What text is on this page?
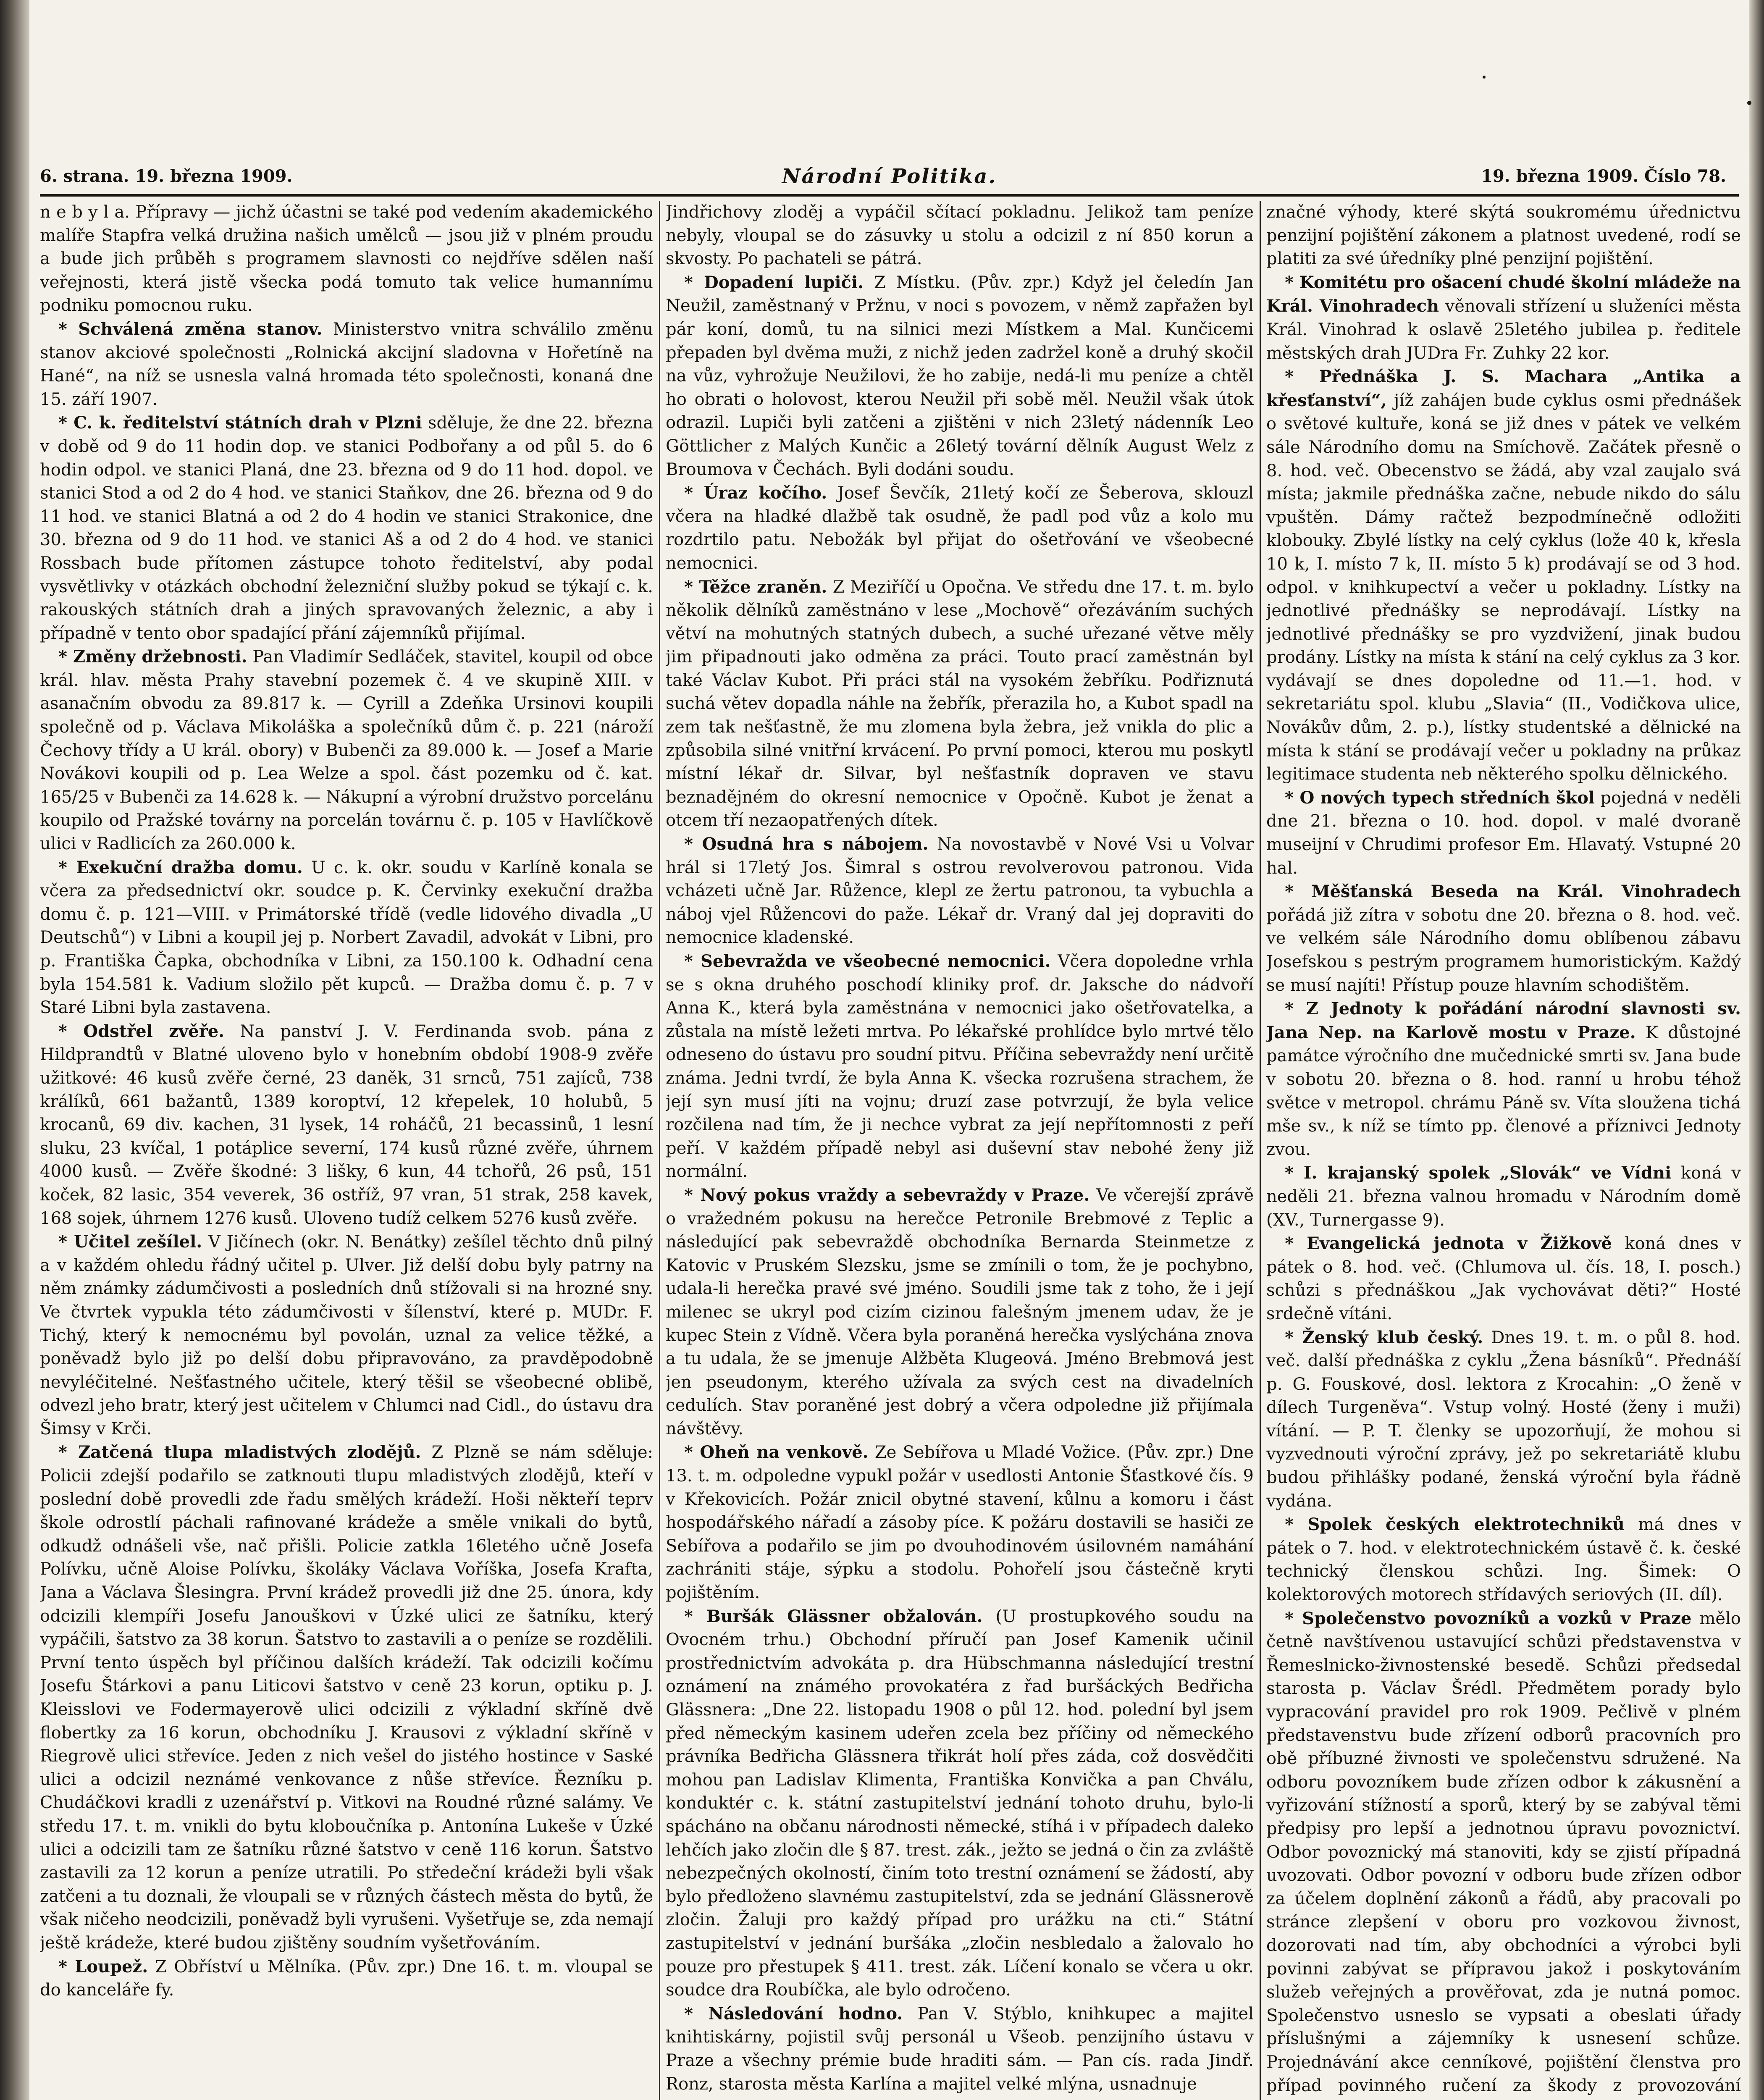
6. strana. 19. března 1909.	Národní Politika.	19. března 1909. Číslo 78.

n e b y l a. Přípravy — jichž účastni se také pod vedením akademického malíře Stapfra velká družina našich umělců — jsou již v plném proudu a bude jich průběh s programem slavnosti co nejdříve sdělen naší veřejnosti, která jistě všecka podá tomuto tak velice humannímu podniku pomocnou ruku.

* Schválená změna stanov. Ministerstvo vnitra schválilo změnu stanov akciové společnosti „Rolnická akcijní sladovna v Hořetíně na Hané“, na níž se usnesla valná hromada této společnosti, konaná dne 15. září 1907.

* C. k. ředitelství státních drah v Plzni sděluje, že dne 22. března v době od 9 do 11 hodin dop. ve stanici Podbořany a od půl 5. do 6 hodin odpol. ve stanici Planá, dne 23. března od 9 do 11 hod. dopol. ve stanici Stod a od 2 do 4 hod. ve stanici Staňkov, dne 26. března od 9 do 11 hod. ve stanici Blatná a od 2 do 4 hodin ve stanici Strakonice, dne 30. března od 9 do 11 hod. ve stanici Aš a od 2 do 4 hod. ve stanici Rossbach bude přítomen zástupce tohoto ředitelství, aby podal vysvětlivky v otázkách obchodní železniční služby pokud se týkají c. k. rakouských státních drah a jiných spravovaných železnic, a aby i případně v tento obor spadající přání zájemníků přijímal.

* Změny držebnosti. Pan Vladimír Sedláček, stavitel, koupil od obce král. hlav. města Prahy stavební pozemek č. 4 ve skupině XIII. v asanačním obvodu za 89.817 k. — Cyrill a Zdeňka Ursinovi koupili společně od p. Václava Mikoláška a společníků dům č. p. 221 (nároží Čechovy třídy a U král. obory) v Bubenči za 89.000 k. — Josef a Marie Novákovi koupili od p. Lea Welze a spol. část pozemku od č. kat. 165/25 v Bubenči za 14.628 k. — Nákupní a výrobní družstvo porcelánu koupilo od Pražské továrny na porcelán továrnu č. p. 105 v Havlíčkově ulici v Radlicích za 260.000 k.

* Exekuční dražba domu. U c. k. okr. soudu v Karlíně konala se včera za předsednictví okr. soudce p. K. Červinky exekuční dražba domu č. p. 121—VIII. v Primátorské třídě (vedle lidového divadla „U Deutschů“) v Libni a koupil jej p. Norbert Zavadil, advokát v Libni, pro p. Františka Čapka, obchodníka v Libni, za 150.100 k. Odhadní cena byla 154.581 k. Vadium složilo pět kupců. — Dražba domu č. p. 7 v Staré Libni byla zastavena.

* Odstřel zvěře. Na panství J. V. Ferdinanda svob. pána z Hildprandtů v Blatné uloveno bylo v honebním období 1908-9 zvěře užitkové: 46 kusů zvěře černé, 23 daněk, 31 srnců, 751 zajíců, 738 králíků, 661 bažantů, 1389 koroptví, 12 křepelek, 10 holubů, 5 krocanů, 69 div. kachen, 31 lysek, 14 roháčů, 21 becassinů, 1 lesní sluku, 23 kvíčal, 1 potáplice severní, 174 kusů různé zvěře, úhrnem 4000 kusů. — Zvěře škodné: 3 lišky, 6 kun, 44 tchořů, 26 psů, 151 koček, 82 lasic, 354 veverek, 36 ostříž, 97 vran, 51 strak, 258 kavek, 168 sojek, úhrnem 1276 kusů. Uloveno tudíž celkem 5276 kusů zvěře.

* Učitel zešílel. V Jičínech (okr. N. Benátky) zešílel těchto dnů pilný a v každém ohledu řádný učitel p. Ulver. Již delší dobu byly patrny na něm známky zádumčivosti a posledních dnů stížovali si na hrozné sny. Ve čtvrtek vypukla této zádumčivosti v šílenství, které p. MUDr. F. Tichý, který k nemocnému byl povolán, uznal za velice těžké, a poněvadž bylo již po delší dobu připravováno, za pravděpodobně nevyléčitelné. Nešťastného učitele, který těšil se všeobecné oblibě, odvezl jeho bratr, který jest učitelem v Chlumci nad Cidl., do ústavu dra Šimsy v Krči.

* Zatčená tlupa mladistvých zlodějů. Z Plzně se nám sděluje: Policii zdejší podařilo se zatknouti tlupu mladistvých zlodějů, kteří v poslední době provedli zde řadu smělých krádeží. Hoši někteří teprv škole odrostlí páchali rafinované krádeže a směle vnikali do bytů, odkudž odnášeli vše, nač přišli. Policie zatkla 16letého učně Josefa Polívku, učně Aloise Polívku, školáky Václava Voříška, Josefa Krafta, Jana a Václava Šlesingra. První krádež provedli již dne 25. února, kdy odcizili klempíři Josefu Janouškovi v Úzké ulici ze šatníku, který vypáčili, šatstvo za 38 korun. Šatstvo to zastavili a o peníze se rozdělili. První tento úspěch byl příčinou dalších krádeží. Tak odcizili kočímu Josefu Štárkovi a panu Liticovi šatstvo v ceně 23 korun, optiku p. J. Kleisslovi ve Fodermayerově ulici odcizili z výkladní skříně dvě flobertky za 16 korun, obchodníku J. Krausovi z výkladní skříně v Riegrově ulici střevíce. Jeden z nich vešel do jistého hostince v Saské ulici a odcizil neznámé venkovance z nůše střevíce. Řezníku p. Chudáčkovi kradli z uzenářství p. Vitkovi na Roudné různé salámy. Ve středu 17. t. m. vnikli do bytu kloboučníka p. Antonína Lukeše v Úzké ulici a odcizili tam ze šatníku různé šatstvo v ceně 116 korun. Šatstvo zastavili za 12 korun a peníze utratili. Po středeční krádeži byli však zatčeni a tu doznali, že vloupali se v různých částech města do bytů, že však ničeho neodcizili, poněvadž byli vyrušeni. Vyšetřuje se, zda nemají ještě krádeže, které budou zjištěny soudním vyšetřováním.

* Loupež. Z Obříství u Mělníka. (Pův. zpr.) Dne 16. t. m. vloupal se do kanceláře fy.

Jindřichovy zloděj a vypáčil sčítací pokladnu. Jelikož tam peníze nebyly, vloupal se do zásuvky u stolu a odcizil z ní 850 korun a skvosty. Po pachateli se pátrá.

* Dopadení lupiči. Z Místku. (Pův. zpr.) Když jel čeledín Jan Neužil, zaměstnaný v Pržnu, v noci s povozem, v němž zapřažen byl pár koní, domů, tu na silnici mezi Místkem a Mal. Kunčicemi přepaden byl dvěma muži, z nichž jeden zadržel koně a druhý skočil na vůz, vyhrožuje Neužilovi, že ho zabije, nedá-li mu peníze a chtěl ho obrati o holovost, kterou Neužil při sobě měl. Neužil však útok odrazil. Lupiči byli zatčeni a zjištěni v nich 23letý nádenník Leo Göttlicher z Malých Kunčic a 26letý tovární dělník August Welz z Broumova v Čechách. Byli dodáni soudu.

* Úraz kočího. Josef Ševčík, 21letý kočí ze Šeberova, sklouzl včera na hladké dlažbě tak osudně, že padl pod vůz a kolo mu rozdrtilo patu. Nebožák byl přijat do ošetřování ve všeobecné nemocnici.

* Těžce zraněn. Z Meziříčí u Opočna. Ve středu dne 17. t. m. bylo několik dělníků zaměstnáno v lese „Mochově“ ořezáváním suchých větví na mohutných statných dubech, a suché uřezané větve měly jim připadnouti jako odměna za práci. Touto prací zaměstnán byl také Václav Kubot. Při práci stál na vysokém žebříku. Podřiznutá suchá větev dopadla náhle na žebřík, přerazila ho, a Kubot spadl na zem tak nešťastně, že mu zlomena byla žebra, jež vnikla do plic a způsobila silné vnitřní krvácení. Po první pomoci, kterou mu poskytl místní lékař dr. Silvar, byl nešťastník dopraven ve stavu beznadějném do okresní nemocnice v Opočně. Kubot je ženat a otcem tří nezaopatřených dítek.

* Osudná hra s nábojem. Na novostavbě v Nové Vsi u Volvar hrál si 17letý Jos. Šimral s ostrou revolverovou patronou. Vida vcházeti učně Jar. Růžence, klepl ze žertu patronou, ta vybuchla a náboj vjel Růžencovi do paže. Lékař dr. Vraný dal jej dopraviti do nemocnice kladenské.

* Sebevražda ve všeobecné nemocnici. Včera dopoledne vrhla se s okna druhého poschodí kliniky prof. dr. Jaksche do nádvoří Anna K., která byla zaměstnána v nemocnici jako ošetřovatelka, a zůstala na místě ležeti mrtva. Po lékařské prohlídce bylo mrtvé tělo odneseno do ústavu pro soudní pitvu. Příčina sebevraždy není určitě známa. Jedni tvrdí, že byla Anna K. všecka rozrušena strachem, že její syn musí jíti na vojnu; druzí zase potvrzují, že byla velice rozčilena nad tím, že ji nechce vybrat za její nepřítomnosti z peří peří. V každém případě nebyl asi duševní stav nebohé ženy již normální.

* Nový pokus vraždy a sebevraždy v Praze. Ve včerejší zprávě o vražedném pokusu na herečce Petronile Brebmové z Teplic a následující pak sebevraždě obchodníka Bernarda Steinmetze z Katovic v Pruském Slezsku, jsme se zmínili o tom, že je pochybno, udala-li herečka pravé své jméno. Soudili jsme tak z toho, že i její milenec se ukryl pod cizím cizinou falešným jmenem udav, že je kupec Stein z Vídně. Včera byla poraněná herečka vyslýchána znova a tu udala, že se jmenuje Alžběta Klugeová. Jméno Brebmová jest jen pseudonym, kterého užívala za svých cest na divadelních cedulích. Stav poraněné jest dobrý a včera odpoledne již přijímala návštěvy.

* Oheň na venkově. Ze Sebířova u Mladé Vožice. (Pův. zpr.) Dne 13. t. m. odpoledne vypukl požár v usedlosti Antonie Šťastkové čís. 9 v Křekovicích. Požár znicil obytné stavení, kůlnu a komoru i část hospodářského nářadí a zásoby píce. K požáru dostavili se hasiči ze Sebířova a podařilo se jim po dvouhodinovém úsilovném namáhání zachrániti stáje, sýpku a stodolu. Pohořelí jsou částečně kryti pojištěním.

* Buršák Glässner obžalován. (U prostupkového soudu na Ovocném trhu.) Obchodní příručí pan Josef Kamenik učinil prostřednictvím advokáta p. dra Hübschmanna následující trestní oznámení na známého provokatéra z řad buršáckých Bedřicha Glässnera: „Dne 22. listopadu 1908 o půl 12. hod. polední byl jsem před německým kasinem udeřen zcela bez příčiny od německého právníka Bedřicha Glässnera třikrát holí přes záda, což dosvědčiti mohou pan Ladislav Klimenta, Františka Konvička a pan Chválu, konduktér c. k. státní zastupitelství jednání tohoto druhu, bylo-li spácháno na občanu národnosti německé, stíhá i v případech daleko lehčích jako zločin dle § 87. trest. zák., ježto se jedná o čin za zvláště nebezpečných okolností, činím toto trestní oznámení se žádostí, aby bylo předloženo slavnému zastupitelství, zda se jednání Glässnerově zločin. Žaluji pro každý případ pro urážku na cti.“ Státní zastupitelství v jednání buršáka „zločin nesbledalo a žalovalo ho pouze pro přestupek § 411. trest. zák. Líčení konalo se včera u okr. soudce dra Roubíčka, ale bylo odročeno.

* Následování hodno. Pan V. Stýblo, knihkupec a majitel knihtiskárny, pojistil svůj personál u Všeob. penzijního ústavu v Praze a všechny prémie bude hraditi sám. — Pan cís. rada Jindř. Ronz, starosta města Karlína a majitel velké mlýna, usnadnuje

značné výhody, které skýtá soukromému úřednictvu penzijní pojištění zákonem a platnost uvedené, rodí se platiti za své úředníky plné penzijní pojištění.

* Komitétu pro ošacení chudé školní mládeže na Král. Vinohradech věnovali střízení u služeníci města Král. Vinohrad k oslavě 25letého jubilea p. ředitele městských drah JUDra Fr. Zuhky 22 kor.

* Přednáška J. S. Machara „Antika a křesťanství“, jíž zahájen bude cyklus osmi přednášek o světové kultuře, koná se již dnes v pátek ve velkém sále Národního domu na Smíchově. Začátek přesně o 8. hod. več. Obecenstvo se žádá, aby vzal zaujalo svá místa; jakmile přednáška začne, nebude nikdo do sálu vpuštěn. Dámy račtež bezpodmínečně odložiti klobouky. Zbylé lístky na celý cyklus (lože 40 k, křesla 10 k, I. místo 7 k, II. místo 5 k) prodávají se od 3 hod. odpol. v knihkupectví a večer u pokladny. Lístky na jednotlivé přednášky se neprodávají. Lístky na jednotlivé přednášky se pro vyzdvižení, jinak budou prodány. Lístky na místa k stání na celý cyklus za 3 kor. vydávají se dnes dopoledne od 11.—1. hod. v sekretariátu spol. klubu „Slavia“ (II., Vodičkova ulice, Novákův dům, 2. p.), lístky studentské a dělnické na místa k stání se prodávají večer u pokladny na průkaz legitimace studenta neb některého spolku dělnického.

* O nových typech středních škol pojedná v neděli dne 21. března o 10. hod. dopol. v malé dvoraně museijní v Chrudimi profesor Em. Hlavatý. Vstupné 20 hal.

* Měšťanská Beseda na Král. Vinohradech pořádá již zítra v sobotu dne 20. března o 8. hod. več. ve velkém sále Národního domu oblíbenou zábavu Josefskou s pestrým programem humoristickým. Každý se musí najíti! Přístup pouze hlavním schodištěm.

* Z Jednoty k pořádání národní slavnosti sv. Jana Nep. na Karlově mostu v Praze. K důstojné památce výročního dne mučednické smrti sv. Jana bude v sobotu 20. března o 8. hod. ranní u hrobu téhož světce v metropol. chrámu Páně sv. Víta sloužena tichá mše sv., k níž se tímto pp. členové a příznivci Jednoty zvou.

* I. krajanský spolek „Slovák“ ve Vídni koná v neděli 21. března valnou hromadu v Národním domě (XV., Turnergasse 9).

* Evangelická jednota v Žižkově koná dnes v pátek o 8. hod. več. (Chlumova ul. čís. 18, I. posch.) schůzi s přednáškou „Jak vychovávat děti?“ Hosté srdečně vítáni.

* Ženský klub český. Dnes 19. t. m. o půl 8. hod. več. další přednáška z cyklu „Žena básníků“. Přednáší p. G. Fouskové, dosl. lektora z Krocahin: „O ženě v dílech Turgeněva“. Vstup volný. Hosté (ženy i muži) vítání. — P. T. členky se upozorňují, že mohou si vyzvednouti výroční zprávy, jež po sekretariátě klubu budou přihlášky podané, ženská výroční byla řádně vydána.

* Spolek českých elektrotechniků má dnes v pátek o 7. hod. v elektrotechnickém ústavě č. k. české technický členskou schůzi. Ing. Šimek: O kolektorových motorech střídavých seriových (II. díl).

* Společenstvo povozníků a vozků v Praze mělo četně navštívenou ustavující schůzi představenstva v Řemeslnicko-živnostenské besedě. Schůzi předsedal starosta p. Václav Šrédl. Předmětem porady bylo vypracování pravidel pro rok 1909. Pečlivě v plném představenstvu bude zřízení odborů pracovních pro obě příbuzné živnosti ve společenstvu sdružené. Na odboru povozníkem bude zřízen odbor k zákusnění a vyřizování stížností a sporů, který by se zabýval těmi předpisy pro lepší a jednotnou úpravu povoznictví. Odbor povoznický má stanoviti, kdy se zjistí případná uvozovati. Odbor povozní v odboru bude zřízen odbor za účelem doplnění zákonů a řádů, aby pracovali po stránce zlepšení v oboru pro vozkovou živnost, dozorovati nad tím, aby obchodníci a výrobci byli povinni zabývat se přípravou jakož i poskytováním služeb veřejných a prověřovat, zda je nutná pomoc. Společenstvo usneslo se vypsati a obeslati úřady příslušnými a zájemníky k usnesení schůze. Projednávání akce cenníkové, pojištění členstva pro případ povinného ručení za škody z provozování
